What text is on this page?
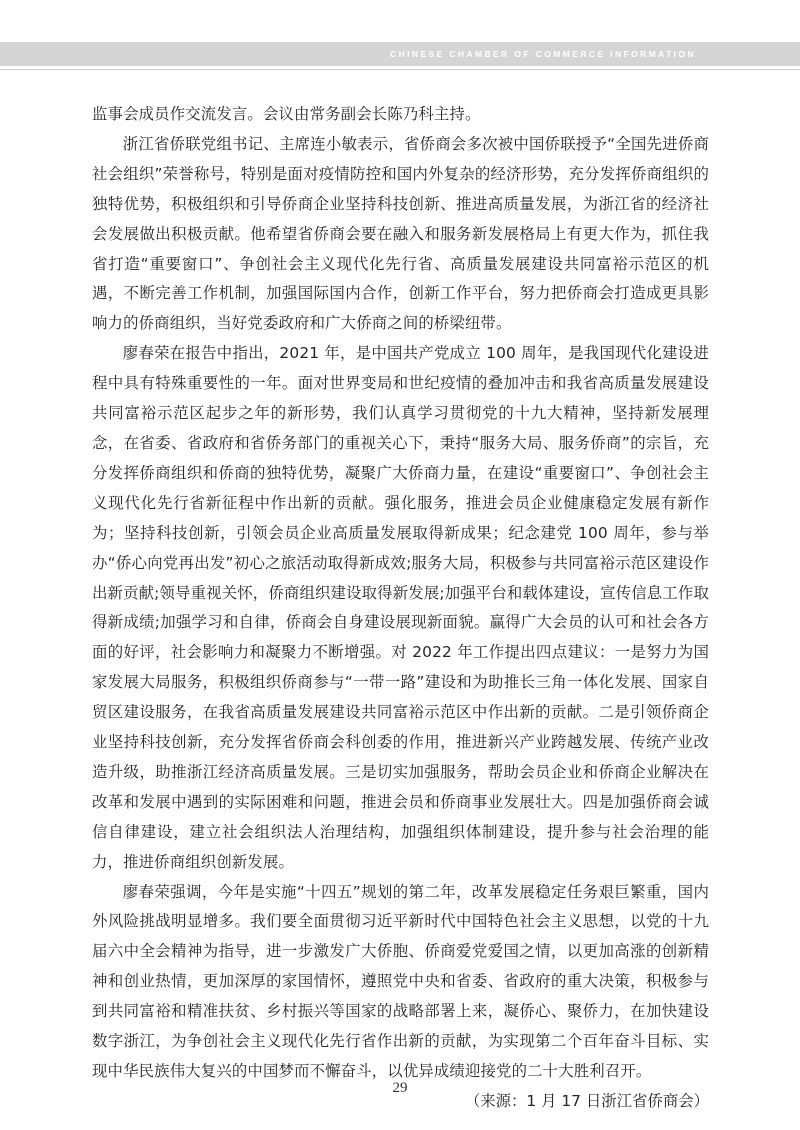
CHINESE CHAMBER OF COMMERCE INFORMATION

监事会成员作交流发言。会议由常务副会长陈乃科主持。

浙江省侨联党组书记、主席连小敏表示，省侨商会多次被中国侨联授予“全国先进侨商社会组织”荣誉称号，特别是面对疫情防控和国内外复杂的经济形势，充分发挥侨商组织的独特优势，积极组织和引导侨商企业坚持科技创新、推进高质量发展，为浙江省的经济社会发展做出积极贡献。他希望省侨商会要在融入和服务新发展格局上有更大作为，抓住我省打造“重要窗口”、争创社会主义现代化先行省、高质量发展建设共同富裕示范区的机遇，不断完善工作机制，加强国际国内合作，创新工作平台，努力把侨商会打造成更具影响力的侨商组织，当好党委政府和广大侨商之间的桥梁纽带。

廖春荣在报告中指出，2021 年，是中国共产党成立 100 周年，是我国现代化建设进程中具有特殊重要性的一年。面对世界变局和世纪疫情的叠加冲击和我省高质量发展建设共同富裕示范区起步之年的新形势，我们认真学习贯彻党的十九大精神，坚持新发展理念，在省委、省政府和省侨务部门的重视关心下，秉持“服务大局、服务侨商”的宗旨，充分发挥侨商组织和侨商的独特优势，凝聚广大侨商力量，在建设“重要窗口”、争创社会主义现代化先行省新征程中作出新的贡献。强化服务，推进会员企业健康稳定发展有新作为；坚持科技创新，引领会员企业高质量发展取得新成果；纪念建党 100 周年，参与举办“侨心向党再出发”初心之旅活动取得新成效;服务大局，积极参与共同富裕示范区建设作出新贡献;领导重视关怀，侨商组织建设取得新发展;加强平台和载体建设，宣传信息工作取得新成绩;加强学习和自律，侨商会自身建设展现新面貌。赢得广大会员的认可和社会各方面的好评，社会影响力和凝聚力不断增强。对 2022 年工作提出四点建议：一是努力为国家发展大局服务，积极组织侨商参与“一带一路”建设和为助推长三角一体化发展、国家自贸区建设服务，在我省高质量发展建设共同富裕示范区中作出新的贡献。二是引领侨商企业坚持科技创新，充分发挥省侨商会科创委的作用，推进新兴产业跨越发展、传统产业改造升级，助推浙江经济高质量发展。三是切实加强服务，帮助会员企业和侨商企业解决在改革和发展中遇到的实际困难和问题，推进会员和侨商事业发展壮大。四是加强侨商会诚信自律建设，建立社会组织法人治理结构，加强组织体制建设，提升参与社会治理的能力，推进侨商组织创新发展。

廖春荣强调，今年是实施“十四五”规划的第二年，改革发展稳定任务艰巨繁重，国内外风险挑战明显增多。我们要全面贯彻习近平新时代中国特色社会主义思想，以党的十九届六中全会精神为指导，进一步激发广大侨胞、侨商爱党爱国之情，以更加高涨的创新精神和创业热情，更加深厚的家国情怀，遵照党中央和省委、省政府的重大决策，积极参与到共同富裕和精准扶贫、乡村振兴等国家的战略部署上来，凝侨心、聚侨力，在加快建设数字浙江，为争创社会主义现代化先行省作出新的贡献，为实现第二个百年奋斗目标、实现中华民族伟大复兴的中国梦而不懈奋斗，以优异成绩迎接党的二十大胜利召开。

（来源：1 月 17 日浙江省侨商会）

29
